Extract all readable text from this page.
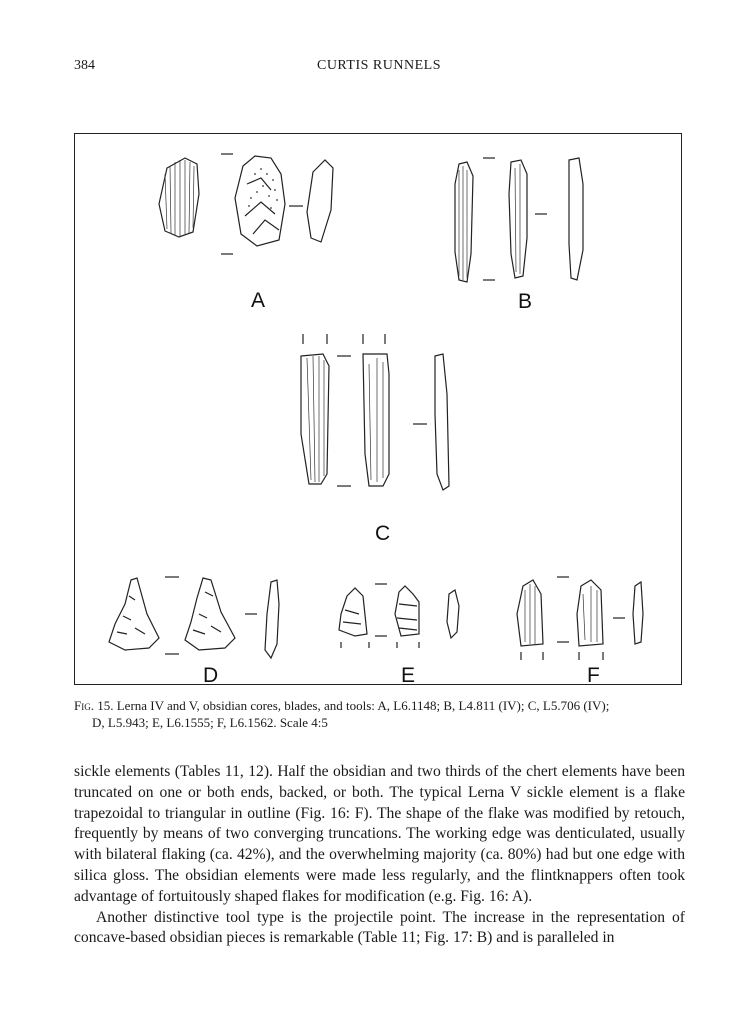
384	CURTIS RUNNELS
A	B
C
D	E	F
Fig. 15. Lerna IV and V, obsidian cores, blades, and tools: A, L6.1148; B, L4.811 (IV); C, L5.706 (IV);
D, L5.943; E, L6.1555; F, L6.1562. Scale 4:5

sickle elements (Tables 11, 12). Half the obsidian and two thirds of the chert elements have been truncated on one or both ends, backed, or both. The typical Lerna V sickle element is a flake trapezoidal to triangular in outline (Fig. 16: F). The shape of the flake was modified by retouch, frequently by means of two converging truncations. The working edge was denticulated, usually with bilateral flaking (ca. 42%), and the overwhelming majority (ca. 80%) had but one edge with silica gloss. The obsidian elements were made less regularly, and the flintknappers often took advantage of fortuitously shaped flakes for modification (e.g. Fig. 16: A).

Another distinctive tool type is the projectile point. The increase in the representation of concave-based obsidian pieces is remarkable (Table 11; Fig. 17: B) and is paralleled in
